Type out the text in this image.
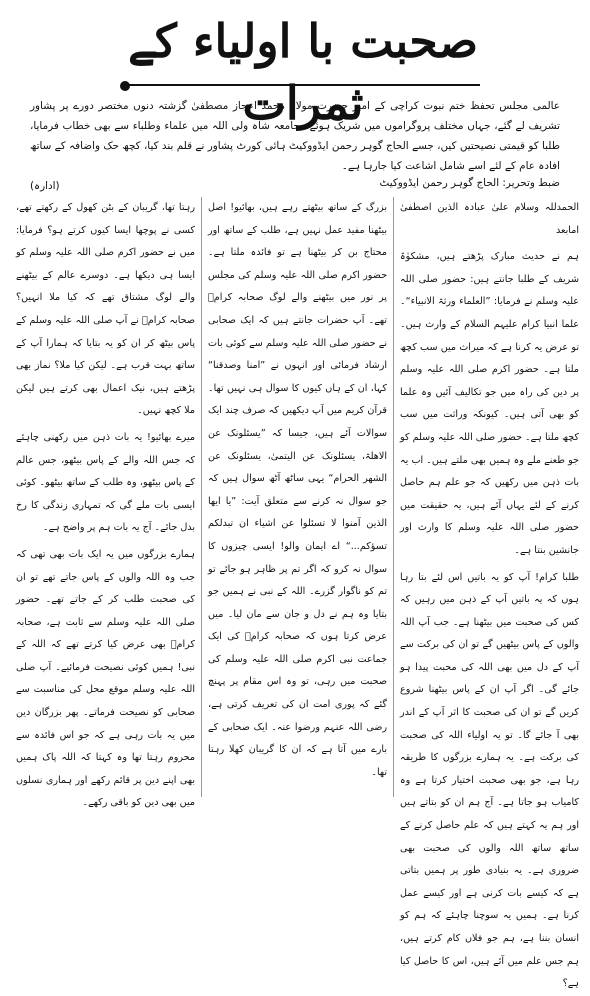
صحبت با اولیاء کے ثمرات

عالمی مجلس تحفظ ختم نبوت کراچی کے امیر حضرت مولانا محمد اعجاز مصطفیٰ گزشتہ دنوں مختصر دورے پر پشاور تشریف لے گئے، جہاں مختلف پروگراموں میں شریک ہوئے۔ جامعہ شاہ ولی اللہ میں علماء وطلباء سے بھی خطاب فرمایا، طلبا کو قیمتی نصیحتیں کیں، جسے الحاج گوہر رحمن ایڈووکیٹ ہائی کورٹ پشاور نے قلم بند کیا، کچھ حک واضافہ کے ساتھ افادہ عام کے لئے اسے شامل اشاعت کیا جارہا ہے۔

(ادارہ)	ضبط وتحریر: الحاج گوہر رحمن ایڈووکیٹ

الحمدللہ وسلام علیٰ عبادہ الذین اصطفیٰ امابعد

ہم نے حدیث مبارک پڑھتے ہیں، مشکوٰۃ شریف کے طلبا جانتے ہیں: حضور صلی اللہ علیہ وسلم نے فرمایا: ”العلماء ورثۃ الانبیاء“۔ علما انبیا کرام علیہم السلام کے وارث ہیں۔ تو عرض یہ کرنا ہے کہ میراث میں سب کچھ ملتا ہے۔ حضور اکرم صلی اللہ علیہ وسلم پر دین کی راہ میں جو تکالیف آئیں وہ علما کو بھی آتی ہیں۔ کیونکہ وراثت میں سب کچھ ملتا ہے۔ حضور صلی اللہ علیہ وسلم کو جو طعنے ملے وہ ہمیں بھی ملتے ہیں۔ اب یہ بات ذہن میں رکھیں کہ جو علم ہم حاصل کرنے کے لئے یہاں آئے ہیں، یہ حقیقت میں حضور صلی اللہ علیہ وسلم کا وارث اور جانشین بنتا ہے۔

طلبا کرام! آپ کو یہ باتیں اس لئے بتا رہا ہوں کہ یہ باتیں آپ کے ذہن میں رہیں کہ کس کی صحبت میں بیٹھنا ہے۔ جب آپ اللہ والوں کے پاس بیٹھیں گے تو ان کی برکت سے آپ کے دل میں بھی اللہ کی محبت پیدا ہو جائے گی۔ اگر آپ ان کے پاس بیٹھنا شروع کریں گے تو ان کی صحبت کا اثر آپ کے اندر بھی آ جائے گا۔ تو یہ اولیاء اللہ کی صحبت کی برکت ہے۔ یہ ہمارے بزرگوں کا طریقہ رہا ہے، جو بھی صحبت اختیار کرتا ہے وہ کامیاب ہو جاتا ہے۔ آج ہم ان کو بتاتے ہیں اور ہم یہ کہتے ہیں کہ علم حاصل کرنے کے ساتھ ساتھ اللہ والوں کی صحبت بھی ضروری ہے۔ یہ بنیادی طور پر ہمیں بتاتی ہے کہ کیسے بات کرنی ہے اور کیسے عمل کرنا ہے۔ ہمیں یہ سوچنا چاہئے کہ ہم کو انسان بننا ہے، ہم جو فلاں کام کرتے ہیں، ہم جس علم میں آئے ہیں، اس کا حاصل کیا ہے؟

بزرگ کے ساتھ بیٹھتے رہے ہیں، بھائیو! اصل بیٹھنا مفید عمل نہیں ہے، طلب کے ساتھ اور محتاج بن کر بیٹھنا ہے تو فائدہ ملتا ہے۔ حضور اکرم صلی اللہ علیہ وسلم کی مجلس پر نور میں بیٹھنے والے لوگ صحابہ کرامؓ تھے۔ آپ حضرات جانتے ہیں کہ ایک صحابی نے حضور صلی اللہ علیہ وسلم سے کوئی بات ارشاد فرمائی اور انہوں نے ”امنا وصدقنا“ کہا، ان کے ہاں کیوں کا سوال ہی نہیں تھا۔ قرآن کریم میں آپ دیکھیں کہ صرف چند ایک سوالات آئے ہیں، جیسا کہ ”یسئلونک عن الاھلۃ، یسئلونک عن الیتمیٰ، یسئلونک عن الشھر الحرام“ یہی ساٹھ آٹھ سوال ہیں کہ جو سوال نہ کرنے سے متعلق آیت: ”یا ایھا الذین آمنوا لا تسئلوا عن اشیاء ان تبدلکم تسؤکم...“ اے ایمان والو! ایسی چیزوں کا سوال نہ کرو کہ اگر تم پر ظاہر ہو جائے تو تم کو ناگوار گزرے۔ اللہ کے نبی نے ہمیں جو بتایا وہ ہم نے دل و جان سے مان لیا۔ میں عرض کرتا ہوں کہ صحابہ کرامؓ کی ایک جماعت نبی اکرم صلی اللہ علیہ وسلم کی صحبت میں رہی، تو وہ اس مقام پر پہنچ گئے کہ پوری امت ان کی تعریف کرتی ہے، رضی اللہ عنہم ورضوا عنہ۔ ایک صحابی کے بارے میں آتا ہے کہ ان کا گریبان کھلا رہتا تھا۔

رہتا تھا، گریبان کے بٹن کھول کے رکھتے تھے، کسی نے پوچھا ایسا کیوں کرتے ہو؟ فرمایا: میں نے حضور اکرم صلی اللہ علیہ وسلم کو ایسا ہی دیکھا ہے۔ دوسرے عالم کے بیٹھنے والے لوگ مشتاق تھے کہ کیا ملا انہیں؟ صحابہ کرامؓ نے آپ صلی اللہ علیہ وسلم کے پاس بیٹھ کر ان کو یہ بتایا کہ ہمارا آپ کے ساتھ بہت قرب ہے۔ لیکن کیا ملا؟ نماز بھی پڑھتے ہیں، نیک اعمال بھی کرتے ہیں لیکن ملا کچھ نہیں۔

میرے بھائیو! یہ بات ذہن میں رکھنی چاہئے کہ جس اللہ والے کے پاس بیٹھو، جس عالم کے پاس بیٹھو، وہ طلب کے ساتھ بیٹھو۔ کوئی ایسی بات ملے گی کہ تمہاری زندگی کا رخ بدل جائے۔ آج یہ بات ہم پر واضح ہے۔

ہمارے بزرگوں میں یہ ایک بات بھی تھی کہ جب وہ اللہ والوں کے پاس جاتے تھے تو ان کی صحبت طلب کر کے جاتے تھے۔ حضور صلی اللہ علیہ وسلم سے ثابت ہے، صحابہ کرامؓ بھی عرض کیا کرتے تھے کہ اللہ کے نبی! ہمیں کوئی نصیحت فرمائیے۔ آپ صلی اللہ علیہ وسلم موقع محل کی مناسبت سے صحابی کو نصیحت فرماتے۔ پھر بزرگان دین میں یہ بات رہی ہے کہ جو اس فائدہ سے محروم رہتا تھا وہ کہتا کہ اللہ پاک ہمیں بھی اپنے دین پر قائم رکھے اور ہماری نسلوں میں بھی دین کو باقی رکھے۔
